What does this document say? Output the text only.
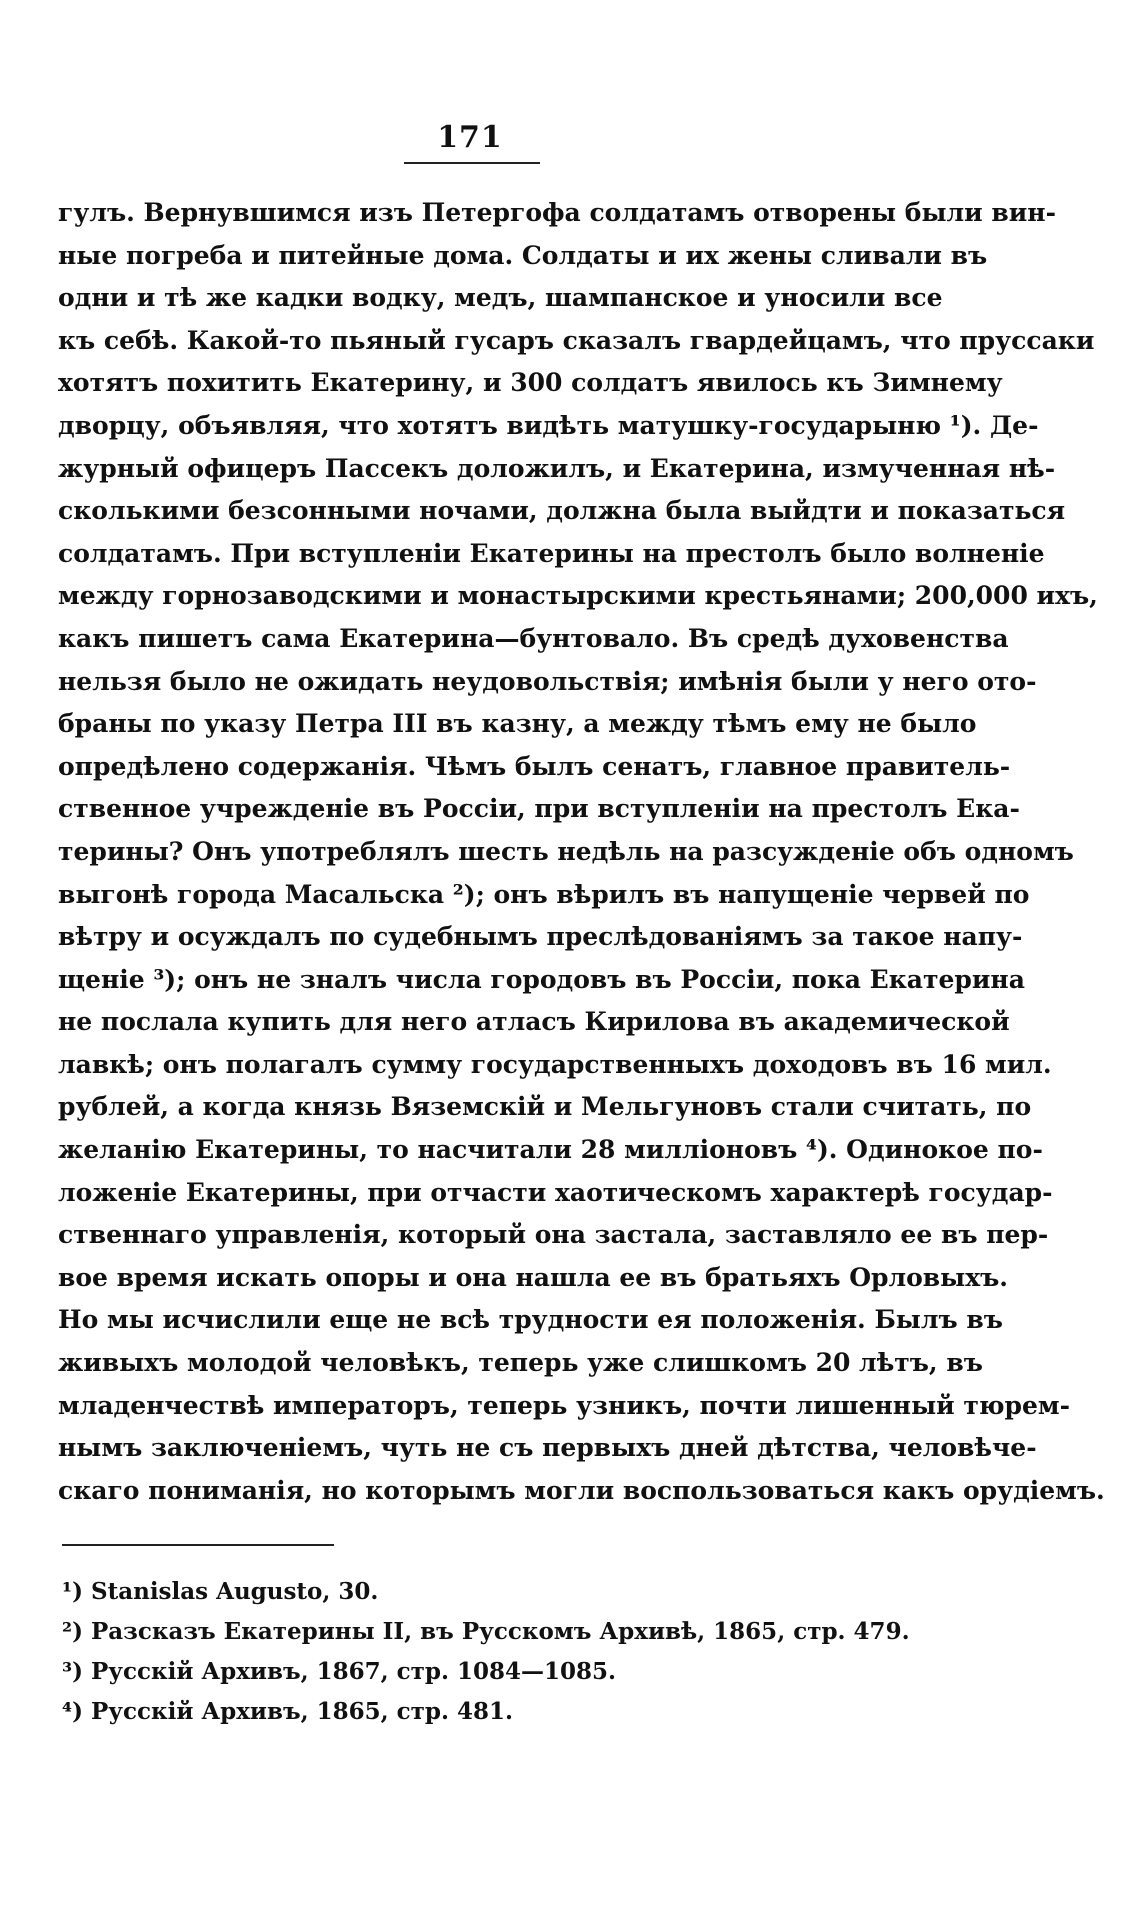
171
гулъ. Вернувшимся изъ Петергофа солдатамъ отворены были вин-
ные погреба и питейные дома. Солдаты и их жены сливали въ
одни и тѣ же кадки водку, медъ, шампанское и уносили все
къ себѣ. Какой-то пьяный гусаръ сказалъ гвардейцамъ, что пруссаки
хотятъ похитить Екатерину, и 300 солдатъ явилось къ Зимнему
дворцу, объявляя, что хотятъ видѣть матушку-государыню ¹). Де-
журный офицеръ Пассекъ доложилъ, и Екатерина, измученная нѣ-
сколькими безсонными ночами, должна была выйдти и показаться
солдатамъ. При вступленіи Екатерины на престолъ было волненіе
между горнозаводскими и монастырскими крестьянами; 200,000 ихъ,
какъ пишетъ сама Екатерина—бунтовало. Въ средѣ духовенства
нельзя было не ожидать неудовольствія; имѣнія были у него ото-
браны по указу Петра III въ казну, а между тѣмъ ему не было
опредѣлено содержанія. Чѣмъ былъ сенатъ, главное правитель-
ственное учрежденіе въ Россіи, при вступленіи на престолъ Ека-
терины? Онъ употреблялъ шесть недѣль на разсужденіе объ одномъ
выгонѣ города Масальска ²); онъ вѣрилъ въ напущеніе червей по
вѣтру и осуждалъ по судебнымъ преслѣдованіямъ за такое напу-
щеніе ³); онъ не зналъ числа городовъ въ Россіи, пока Екатерина
не послала купить для него атласъ Кирилова въ академической
лавкѣ; онъ полагалъ сумму государственныхъ доходовъ въ 16 мил.
рублей, а когда князь Вяземскій и Мельгуновъ стали считать, по
желанію Екатерины, то насчитали 28 милліоновъ ⁴). Одинокое по-
ложеніе Екатерины, при отчасти хаотическомъ характерѣ государ-
ственнаго управленія, который она застала, заставляло ее въ пер-
вое время искать опоры и она нашла ее въ братьяхъ Орловыхъ.
Но мы исчислили еще не всѣ трудности ея положенія. Былъ въ
живыхъ молодой человѣкъ, теперь уже слишкомъ 20 лѣтъ, въ
младенчествѣ императоръ, теперь узникъ, почти лишенный тюрем-
нымъ заключеніемъ, чуть не съ первыхъ дней дѣтства, человѣче-
скаго пониманія, но которымъ могли воспользоваться какъ орудіемъ.
¹) Stanislas Augusto, 30.
²) Разсказъ Екатерины II, въ Русскомъ Архивѣ, 1865, стр. 479.
³) Русскій Архивъ, 1867, стр. 1084—1085.
⁴) Русскій Архивъ, 1865, стр. 481.
